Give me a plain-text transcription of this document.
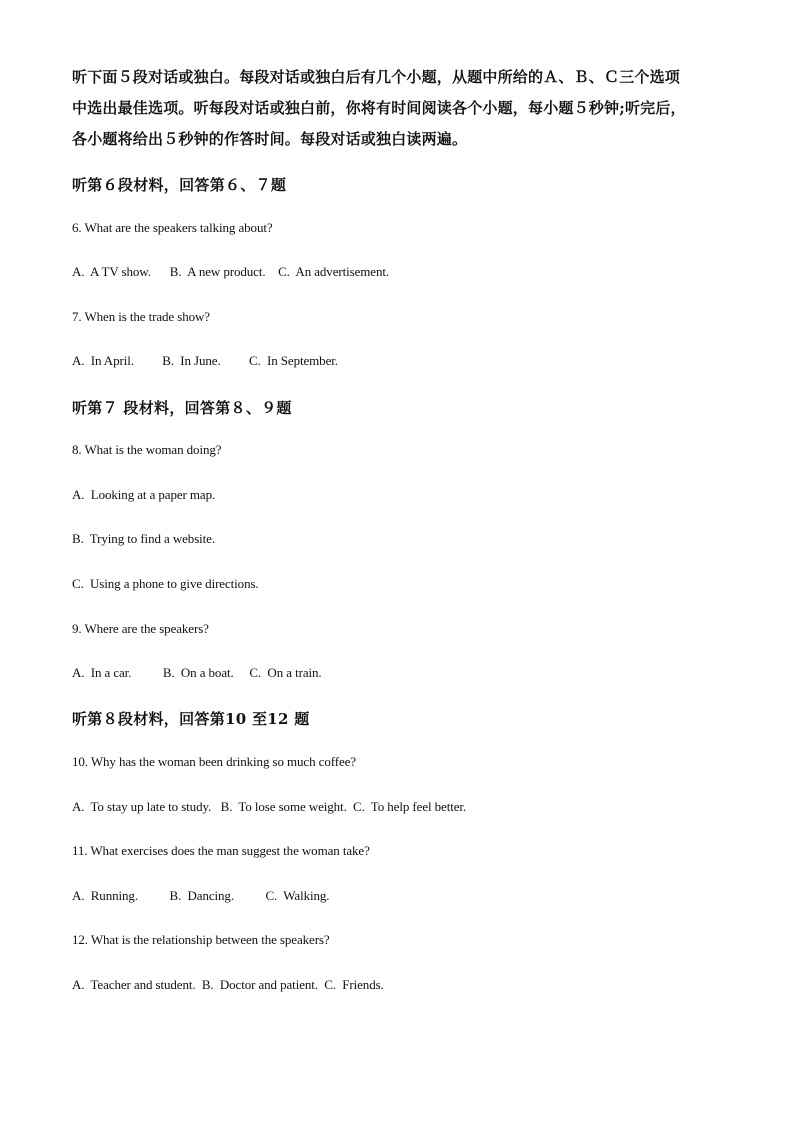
听下面５段对话或独白。每段对话或独白后有几个小题，从题中所给的Ａ、Ｂ、Ｃ三个选项
中选出最佳选项。听每段对话或独白前，你将有时间阅读各个小题，每小题５秒钟;听完后，
各小题将给出５秒钟的作答时间。每段对话或独白读两遍。
听第６段材料，回答第６、７题
6. What are the speakers talking about?
A.  A TV show.      B.  A new product.    C.  An advertisement.
7. When is the trade show?
A.  In April.         B.  In June.         C.  In September.
听第７ 段材料，回答第８、９题
8. What is the woman doing?
A.  Looking at a paper map.
B.  Trying to find a website.
C.  Using a phone to give directions.
9. Where are the speakers?
A.  In a car.          B.  On a boat.     C.  On a train.
听第８段材料，回答第10 至12 题
10. Why has the woman been drinking so much coffee?
A.  To stay up late to study.   B.  To lose some weight.  C.  To help feel better.
11. What exercises does the man suggest the woman take?
A.  Running.          B.  Dancing.          C.  Walking.
12. What is the relationship between the speakers?
A.  Teacher and student.  B.  Doctor and patient.  C.  Friends.
